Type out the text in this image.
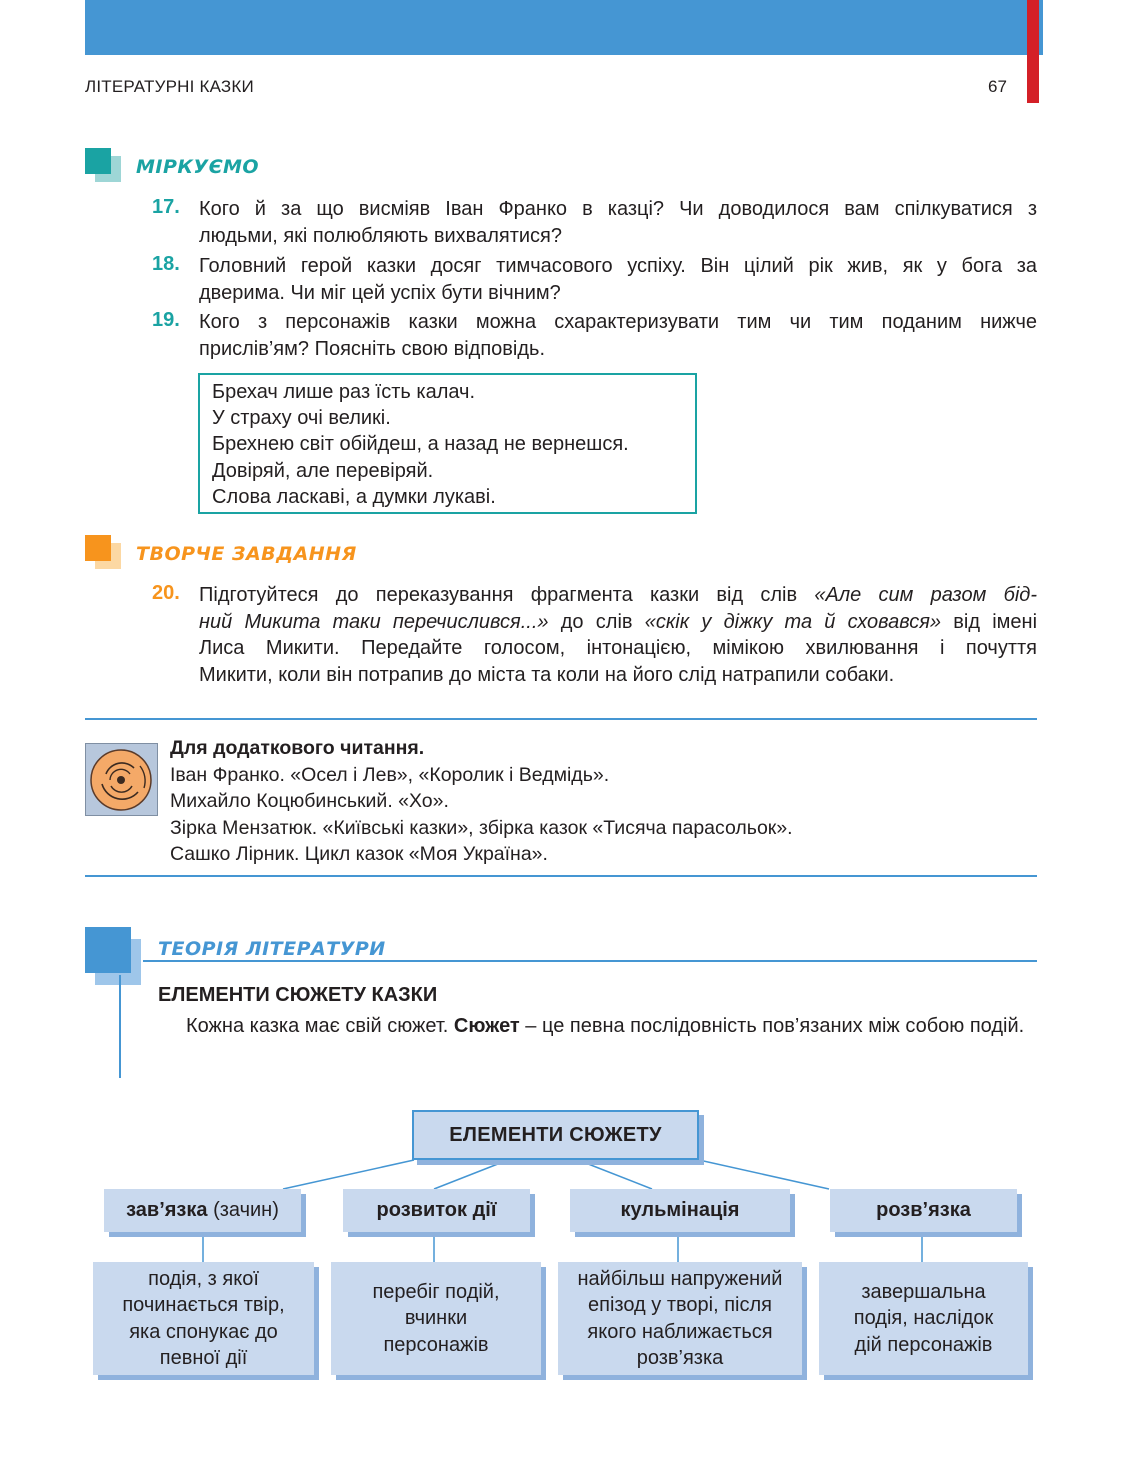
ЛІТЕРАТУРНІ КАЗКИ	67
МІРКУЄМО
17. Кого й за що висміяв Іван Франко в казці? Чи доводилося вам спілкуватися з
людьми, які полюбляють вихвалятися?
18. Головний герой казки досяг тимчасового успіху. Він цілий рік жив, як у бога за
дверима. Чи міг цей успіх бути вічним?
19. Кого з персонажів казки можна схарактеризувати тим чи тим поданим нижче
прислів’ям? Поясніть свою відповідь.
Брехач лише раз їсть калач.
У страху очі великі.
Брехнею світ обійдеш, а назад не вернешся.
Довіряй, але перевіряй.
Слова ласкаві, а думки лукаві.
ТВОРЧЕ ЗАВДАННЯ
20. Підготуйтеся до переказування фрагмента казки від слів «Але сим разом бід-
ний Микита таки перечислився...» до слів «скік у діжку та й сховався» від імені
Лиса Микити. Передайте голосом, інтонацією, мімікою хвилювання і почуття
Микити, коли він потрапив до міста та коли на його слід натрапили собаки.
Для додаткового читання.
Іван Франко. «Осел і Лев», «Королик і Ведмідь».
Михайло Коцюбинський. «Хо».
Зірка Мензатюк. «Київські казки», збірка казок «Тисяча парасольок».
Сашко Лірник. Цикл казок «Моя Україна».
ТЕОРІЯ ЛІТЕРАТУРИ
ЕЛЕМЕНТИ СЮЖЕТУ КАЗКИ
Кожна казка має свій сюжет. Сюжет – це певна послідовність пов’язаних між собою подій.
ЕЛЕМЕНТИ СЮЖЕТУ
зав’язка (зачин)	розвиток дії	кульмінація	розв’язка
подія, з якої
починається твір,
яка спонукає до
певної дії
перебіг подій,
вчинки
персонажів
найбільш напружений
епізод у творі, після
якого наближається
розв’язка
завершальна
подія, наслідок
дій персонажів
